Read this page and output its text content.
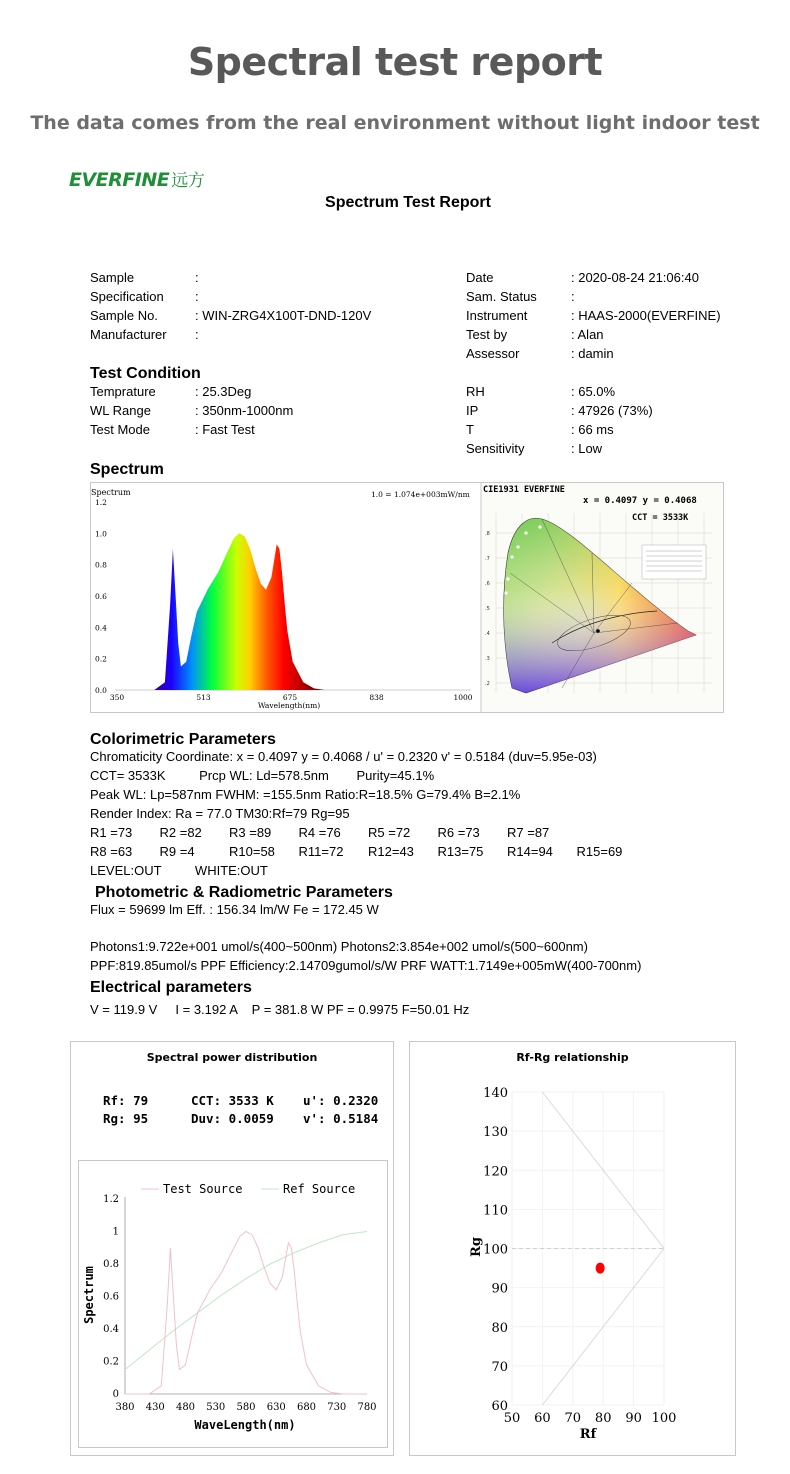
Spectral test report
The data comes from the real environment without light indoor test
EVERFINE 远方
Spectrum Test Report
Sample	:
Specification :
Sample No.	: WIN-ZRG4X100T-DND-120V
Manufacturer :
Date	: 2020-08-24 21:06:40
Sam. Status	:
Instrument	: HAAS-2000(EVERFINE)
Test by	: Alan
Assessor	: damin
Test Condition
Temprature	: 25.3Deg
WL Range	: 350nm-1000nm
Test Mode	: Fast Test
RH	: 65.0%
IP	: 47926 (73%)
T	: 66 ms
Sensitivity	: Low
Spectrum
Spectrum	1.0 = 1.074e+003mW/nm
1.2
1.0
0.8
0.6
0.4
0.2
0.0
350	513	675	838	1000
Wavelength(nm)
.8
.7
.6
.5
.4
.3
.2
CIE1931 EVERFINE
x = 0.4097 y = 0.4068
CCT = 3533K
Colorimetric Parameters
Chromaticity Coordinate: x = 0.4097 y = 0.4068 / u' = 0.2320 v' = 0.5184 (duv=5.95e-03)
CCT= 3533K	Prcp WL: Ld=578.5nm Purity=45.1%
Peak WL: Lp=587nm FWHM: =155.5nm Ratio:R=18.5% G=79.4% B=2.1%
Render Index: Ra = 77.0 TM30:Rf=79 Rg=95
R1 =73 R2 =82 R3 =89 R4 =76 R5 =72 R6 =73 R7 =87
R8 =63 R9 =4	R10=58 R11=72 R12=43 R13=75 R14=94 R15=69
LEVEL:OUT	WHITE:OUT
Photometric & Radiometric Parameters
Flux = 59699 lm Eff. : 156.34 lm/W Fe = 172.45 W
Photons1:9.722e+001 umol/s(400~500nm) Photons2:3.854e+002 umol/s(500~600nm)
PPF:819.85umol/s PPF Efficiency:2.14709gumol/s/W PRF WATT:1.7149e+005mW(400-700nm)
Electrical parameters
V = 119.9 V     I = 3.192 A    P = 381.8 W PF = 0.9975 F=50.01 Hz
Spectral power distribution
Rf: 79	CCT: 3533 K u': 0.2320
Rg: 95	Duv: 0.0059 v': 0.5184
Test Source	Ref Source
1.2
1
0.8
0.6
0.4
0.2
0
380 430 480 530 580 630 680 730 780
Spectrum
WaveLength(nm)
Rf-Rg relationship
140
130
120
110
100
90
80
70
60
50 60 70 80 90 100
Rg
Rf
